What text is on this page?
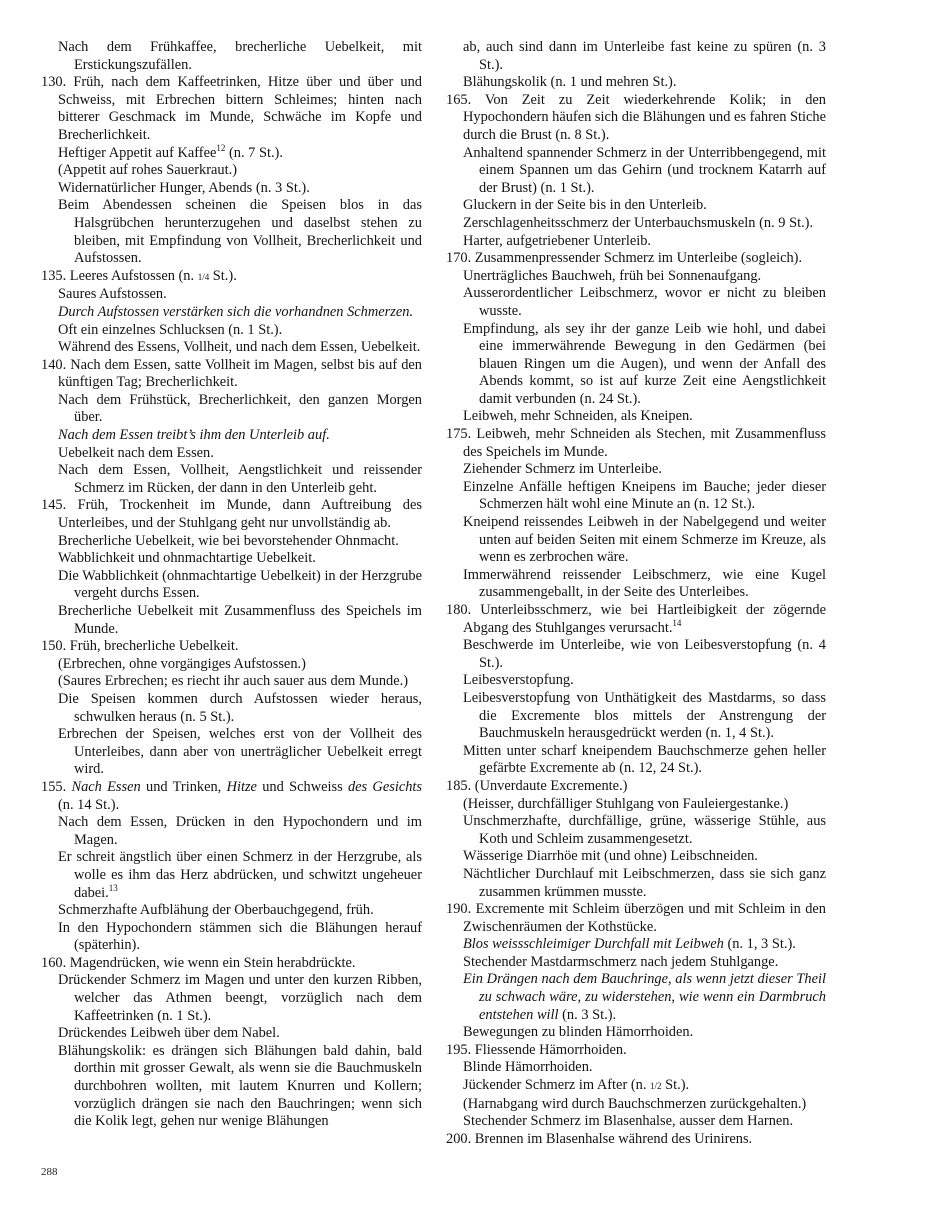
Nach dem Frühkaffee, brecherliche Uebelkeit, mit Erstickungszufällen.
130. Früh, nach dem Kaffeetrinken, Hitze über und über und Schweiss, mit Erbrechen bittern Schleimes; hinten nach bitterer Geschmack im Munde, Schwäche im Kopfe und Brecherlichkeit.
Heftiger Appetit auf Kaffee$^{12}$ (n. 7 St.).
(Appetit auf rohes Sauerkraut.)
Widernatürlicher Hunger, Abends (n. 3 St.).
Beim Abendessen scheinen die Speisen blos in das Halsgrübchen herunterzugehen und daselbst stehen zu bleiben, mit Empfindung von Vollheit, Brecherlichkeit und Aufstossen.
135. Leeres Aufstossen (n. 1/4 St.).
Saures Aufstossen.
Durch Aufstossen verstärken sich die vorhandnen Schmerzen.
Oft ein einzelnes Schlucksen (n. 1 St.).
Während des Essens, Vollheit, und nach dem Essen, Uebelkeit.
140. Nach dem Essen, satte Vollheit im Magen, selbst bis auf den künftigen Tag; Brecherlichkeit.
Nach dem Frühstück, Brecherlichkeit, den ganzen Morgen über.
Nach dem Essen treibt’s ihm den Unterleib auf.
Uebelkeit nach dem Essen.
Nach dem Essen, Vollheit, Aengstlichkeit und reissender Schmerz im Rücken, der dann in den Unterleib geht.
145. Früh, Trockenheit im Munde, dann Auftreibung des Unterleibes, und der Stuhlgang geht nur unvollständig ab.
Brecherliche Uebelkeit, wie bei bevorstehender Ohnmacht.
Wabblichkeit und ohnmachtartige Uebelkeit.
Die Wabblichkeit (ohnmachtartige Uebelkeit) in der Herzgrube vergeht durchs Essen.
Brecherliche Uebelkeit mit Zusammenfluss des Speichels im Munde.
150. Früh, brecherliche Uebelkeit.
(Erbrechen, ohne vorgängiges Aufstossen.)
(Saures Erbrechen; es riecht ihr auch sauer aus dem Munde.)
Die Speisen kommen durch Aufstossen wieder heraus, schwulken heraus (n. 5 St.).
Erbrechen der Speisen, welches erst von der Vollheit des Unterleibes, dann aber von unerträglicher Uebelkeit erregt wird.
155. Nach Essen und Trinken, Hitze und Schweiss des Gesichts (n. 14 St.).
Nach dem Essen, Drücken in den Hypochondern und im Magen.
Er schreit ängstlich über einen Schmerz in der Herzgrube, als wolle es ihm das Herz abdrücken, und schwitzt ungeheuer dabei.$^{13}$
Schmerzhafte Aufblähung der Oberbauchgegend, früh.
In den Hypochondern stämmen sich die Blähungen herauf (späterhin).
160. Magendrücken, wie wenn ein Stein herabdrückte.
Drückender Schmerz im Magen und unter den kurzen Ribben, welcher das Athmen beengt, vorzüglich nach dem Kaffeetrinken (n. 1 St.).
Drückendes Leibweh über dem Nabel.
Blähungskolik: es drängen sich Blähungen bald dahin, bald dorthin mit grosser Gewalt, als wenn sie die Bauchmuskeln durchbohren wollten, mit lautem Knurren und Kollern; vorzüglich drängen sie nach den Bauchringen; wenn sich die Kolik legt, gehen nur wenige Blähungen
ab, auch sind dann im Unterleibe fast keine zu spüren (n. 3 St.).
Blähungskolik (n. 1 und mehren St.).
165. Von Zeit zu Zeit wiederkehrende Kolik; in den Hypochondern häufen sich die Blähungen und es fahren Stiche durch die Brust (n. 8 St.).
Anhaltend spannender Schmerz in der Unterribbengegend, mit einem Spannen um das Gehirn (und trocknem Katarrh auf der Brust) (n. 1 St.).
Gluckern in der Seite bis in den Unterleib.
Zerschlagenheitsschmerz der Unterbauchsmuskeln (n. 9 St.).
Harter, aufgetriebener Unterleib.
170. Zusammenpressender Schmerz im Unterleibe (sogleich).
Unerträgliches Bauchweh, früh bei Sonnenaufgang.
Ausserordentlicher Leibschmerz, wovor er nicht zu bleiben wusste.
Empfindung, als sey ihr der ganze Leib wie hohl, und dabei eine immerwährende Bewegung in den Gedärmen (bei blauen Ringen um die Augen), und wenn der Anfall des Abends kommt, so ist auf kurze Zeit eine Aengstlichkeit damit verbunden (n. 24 St.).
Leibweh, mehr Schneiden, als Kneipen.
175. Leibweh, mehr Schneiden als Stechen, mit Zusammenfluss des Speichels im Munde.
Ziehender Schmerz im Unterleibe.
Einzelne Anfälle heftigen Kneipens im Bauche; jeder dieser Schmerzen hält wohl eine Minute an (n. 12 St.).
Kneipend reissendes Leibweh in der Nabelgegend und weiter unten auf beiden Seiten mit einem Schmerze im Kreuze, als wenn es zerbrochen wäre.
Immerwährend reissender Leibschmerz, wie eine Kugel zusammengeballt, in der Seite des Unterleibes.
180. Unterleibsschmerz, wie bei Hartleibigkeit der zögernde Abgang des Stuhlganges verursacht.$^{14}$
Beschwerde im Unterleibe, wie von Leibesverstopfung (n. 4 St.).
Leibesverstopfung.
Leibesverstopfung von Unthätigkeit des Mastdarms, so dass die Excremente blos mittels der Anstrengung der Bauchmuskeln herausgedrückt werden (n. 1, 4 St.).
Mitten unter scharf kneipendem Bauchschmerze gehen heller gefärbte Excremente ab (n. 12, 24 St.).
185. (Unverdaute Excremente.)
(Heisser, durchfälliger Stuhlgang von Fauleiergestanke.)
Unschmerzhafte, durchfällige, grüne, wässerige Stühle, aus Koth und Schleim zusammengesetzt.
Wässerige Diarrhöe mit (und ohne) Leibschneiden.
Nächtlicher Durchlauf mit Leibschmerzen, dass sie sich ganz zusammen krümmen musste.
190. Excremente mit Schleim überzögen und mit Schleim in den Zwischenräumen der Kothstücke.
Blos weissschleimiger Durchfall mit Leibweh (n. 1, 3 St.).
Stechender Mastdarmschmerz nach jedem Stuhlgange.
Ein Drängen nach dem Bauchringe, als wenn jetzt dieser Theil zu schwach wäre, zu widerstehen, wie wenn ein Darmbruch entstehen will (n. 3 St.).
Bewegungen zu blinden Hämorrhoiden.
195. Fliessende Hämorrhoiden.
Blinde Hämorrhoiden.
Jückender Schmerz im After (n. 1/2 St.).
(Harnabgang wird durch Bauchschmerzen zurückgehalten.)
Stechender Schmerz im Blasenhalse, ausser dem Harnen.
200. Brennen im Blasenhalse während des Urinirens.
288
